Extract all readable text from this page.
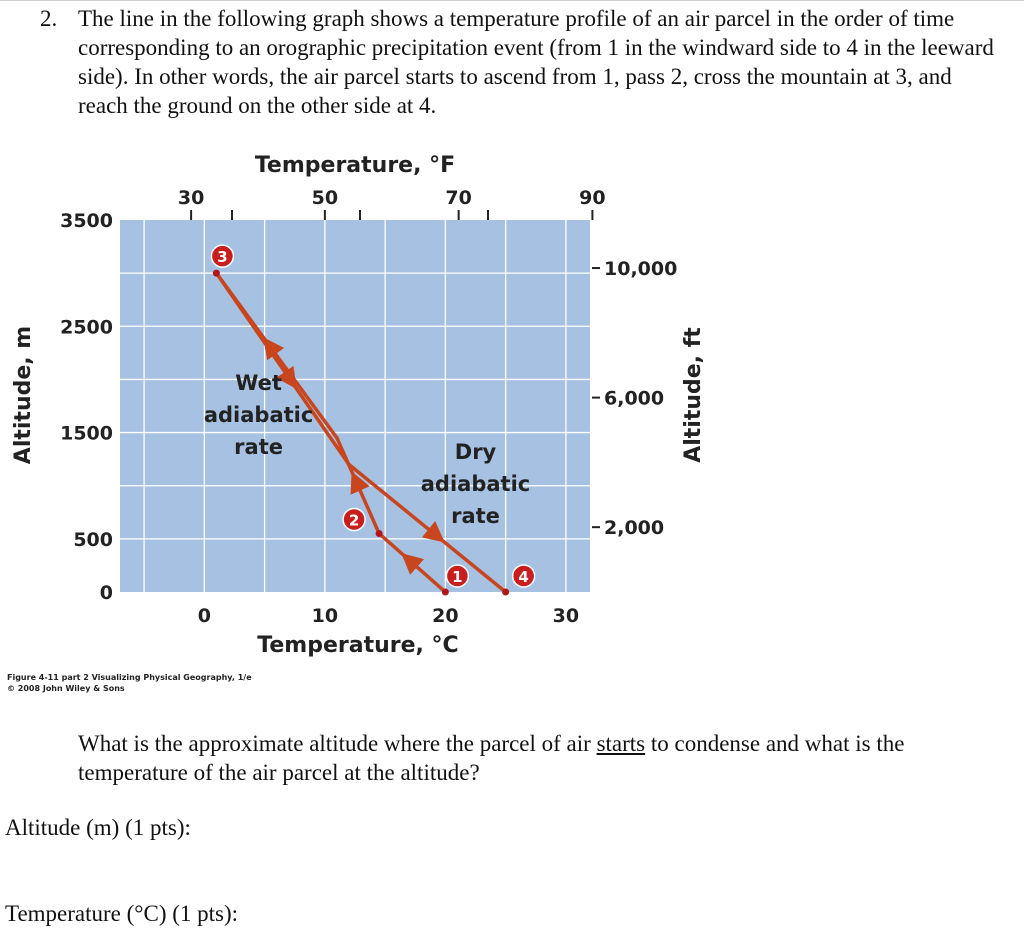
2. The line in the following graph shows a temperature profile of an air parcel in the order of time corresponding to an orographic precipitation event (from 1 in the windward side to 4 in the leeward side). In other words, the air parcel starts to ascend from 1, pass 2, cross the mountain at 3, and reach the ground on the other side at 4.
Temperature, °F
30	50	70	90
3500
2500
1500
500
0
0	10	20	30
Temperature, °C
Altitude, m
10,000
6,000
2,000
Altitude, ft
1
2
3
4
Wet
adiabatic
rate	Dry
adiabatic
rate
Figure 4-11 part 2 Visualizing Physical Geography, 1/e
© 2008 John Wiley & Sons
What is the approximate altitude where the parcel of air starts to condense and what is the temperature of the air parcel at the altitude?
Altitude (m) (1 pts):
Temperature (°C) (1 pts):
